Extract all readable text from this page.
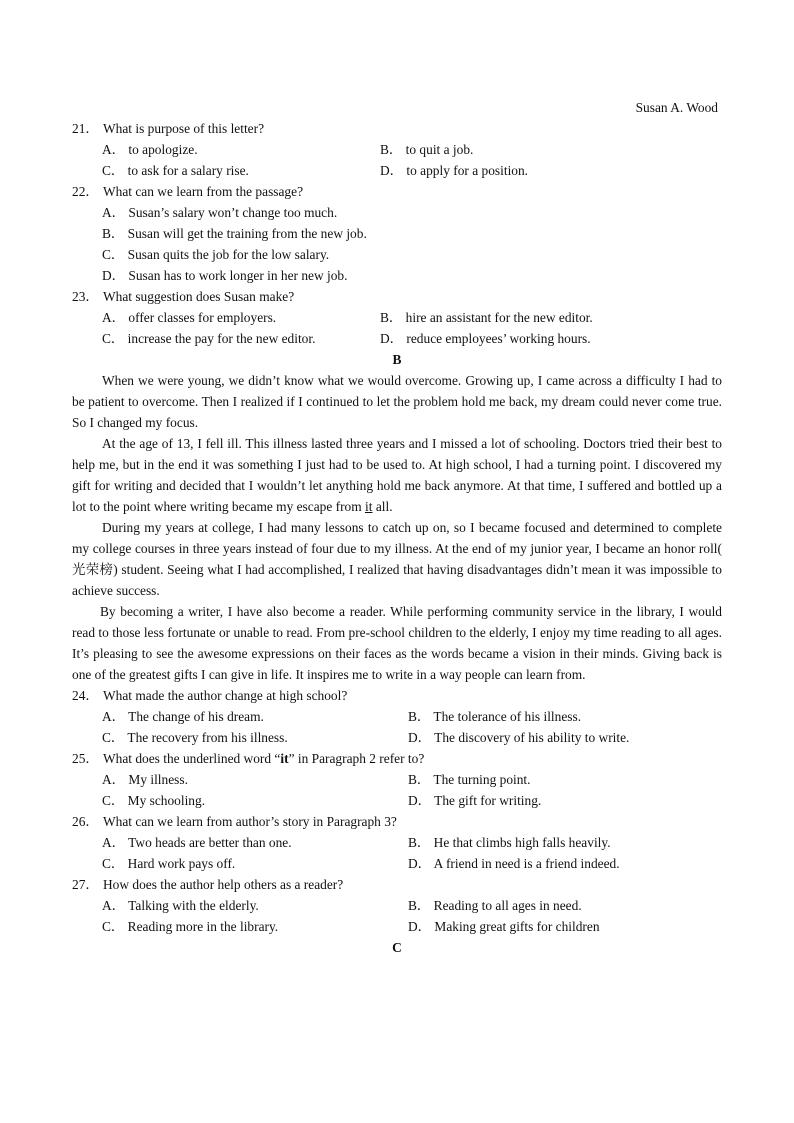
Susan A. Wood
21． What is purpose of this letter?
A． to apologize.	B． to quit a job.
C． to ask for a salary rise.	D． to apply for a position.
22． What can we learn from the passage?
A． Susan’s salary won’t change too much.
B． Susan will get the training from the new job.
C． Susan quits the job for the low salary.
D． Susan has to work longer in her new job.
23． What suggestion does Susan make?
A． offer classes for employers.	B． hire an assistant for the new editor.
C． increase the pay for the new editor.	D． reduce employees’ working hours.
B

When we were young, we didn’t know what we would overcome. Growing up, I came across a difficulty I had to be patient to overcome. Then I realized if I continued to let the problem hold me back, my dream could never come true. So I changed my focus.

At the age of 13, I fell ill. This illness lasted three years and I missed a lot of schooling. Doctors tried their best to help me, but in the end it was something I just had to be used to. At high school, I had a turning point. I discovered my gift for writing and decided that I wouldn’t let anything hold me back anymore. At that time, I suffered and bottled up a lot to the point where writing became my escape from it all.

During my years at college, I had many lessons to catch up on, so I became focused and determined to complete my college courses in three years instead of four due to my illness. At the end of my junior year, I became an honor roll( 光荣榜) student. Seeing what I had accomplished, I realized that having disadvantages didn’t mean it was impossible to achieve success.

By becoming a writer, I have also become a reader. While performing community service in the library, I would read to those less fortunate or unable to read. From pre-school children to the elderly, I enjoy my time reading to all ages. It’s pleasing to see the awesome expressions on their faces as the words became a vision in their minds. Giving back is one of the greatest gifts I can give in life. It inspires me to write in a way people can learn from.

24． What made the author change at high school?
A． The change of his dream.	B． The tolerance of his illness.
C． The recovery from his illness.	D． The discovery of his ability to write.
25． What does the underlined word “it” in Paragraph 2 refer to?
A． My illness.	B． The turning point.
C． My schooling.	D． The gift for writing.
26． What can we learn from author’s story in Paragraph 3?
A． Two heads are better than one.	B． He that climbs high falls heavily.
C． Hard work pays off.	D． A friend in need is a friend indeed.
27． How does the author help others as a reader?
A． Talking with the elderly.	B． Reading to all ages in need.
C． Reading more in the library.	D． Making great gifts for children
C
